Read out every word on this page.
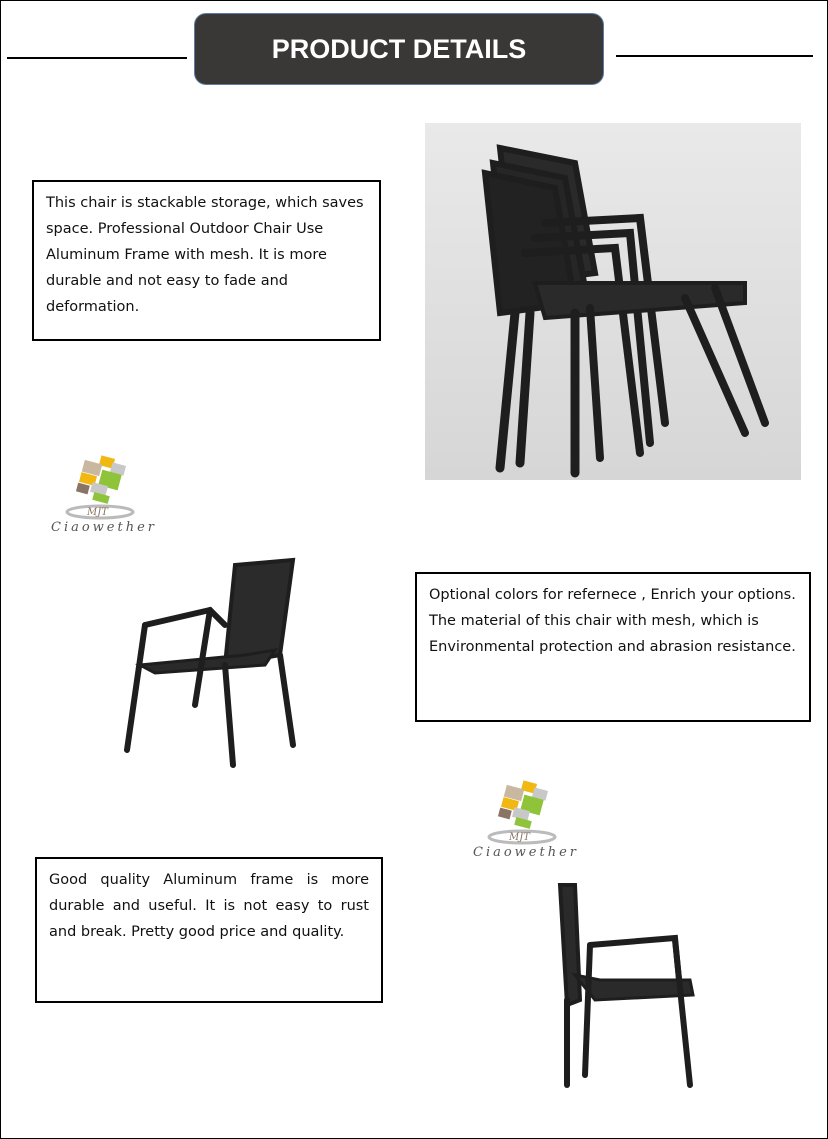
PRODUCT DETAILS
This chair is stackable storage, which saves space. Professional Outdoor Chair Use Aluminum Frame with mesh. It is more durable and not easy to fade and deformation.
Optional colors for refernece , Enrich your options. The material of this chair with mesh, which is Environmental protection and abrasion resistance.
Good quality Aluminum frame is more durable and useful. It is not easy to rust and break. Pretty good price and quality.
MJT
Ciaowether
MJT
Ciaowether
